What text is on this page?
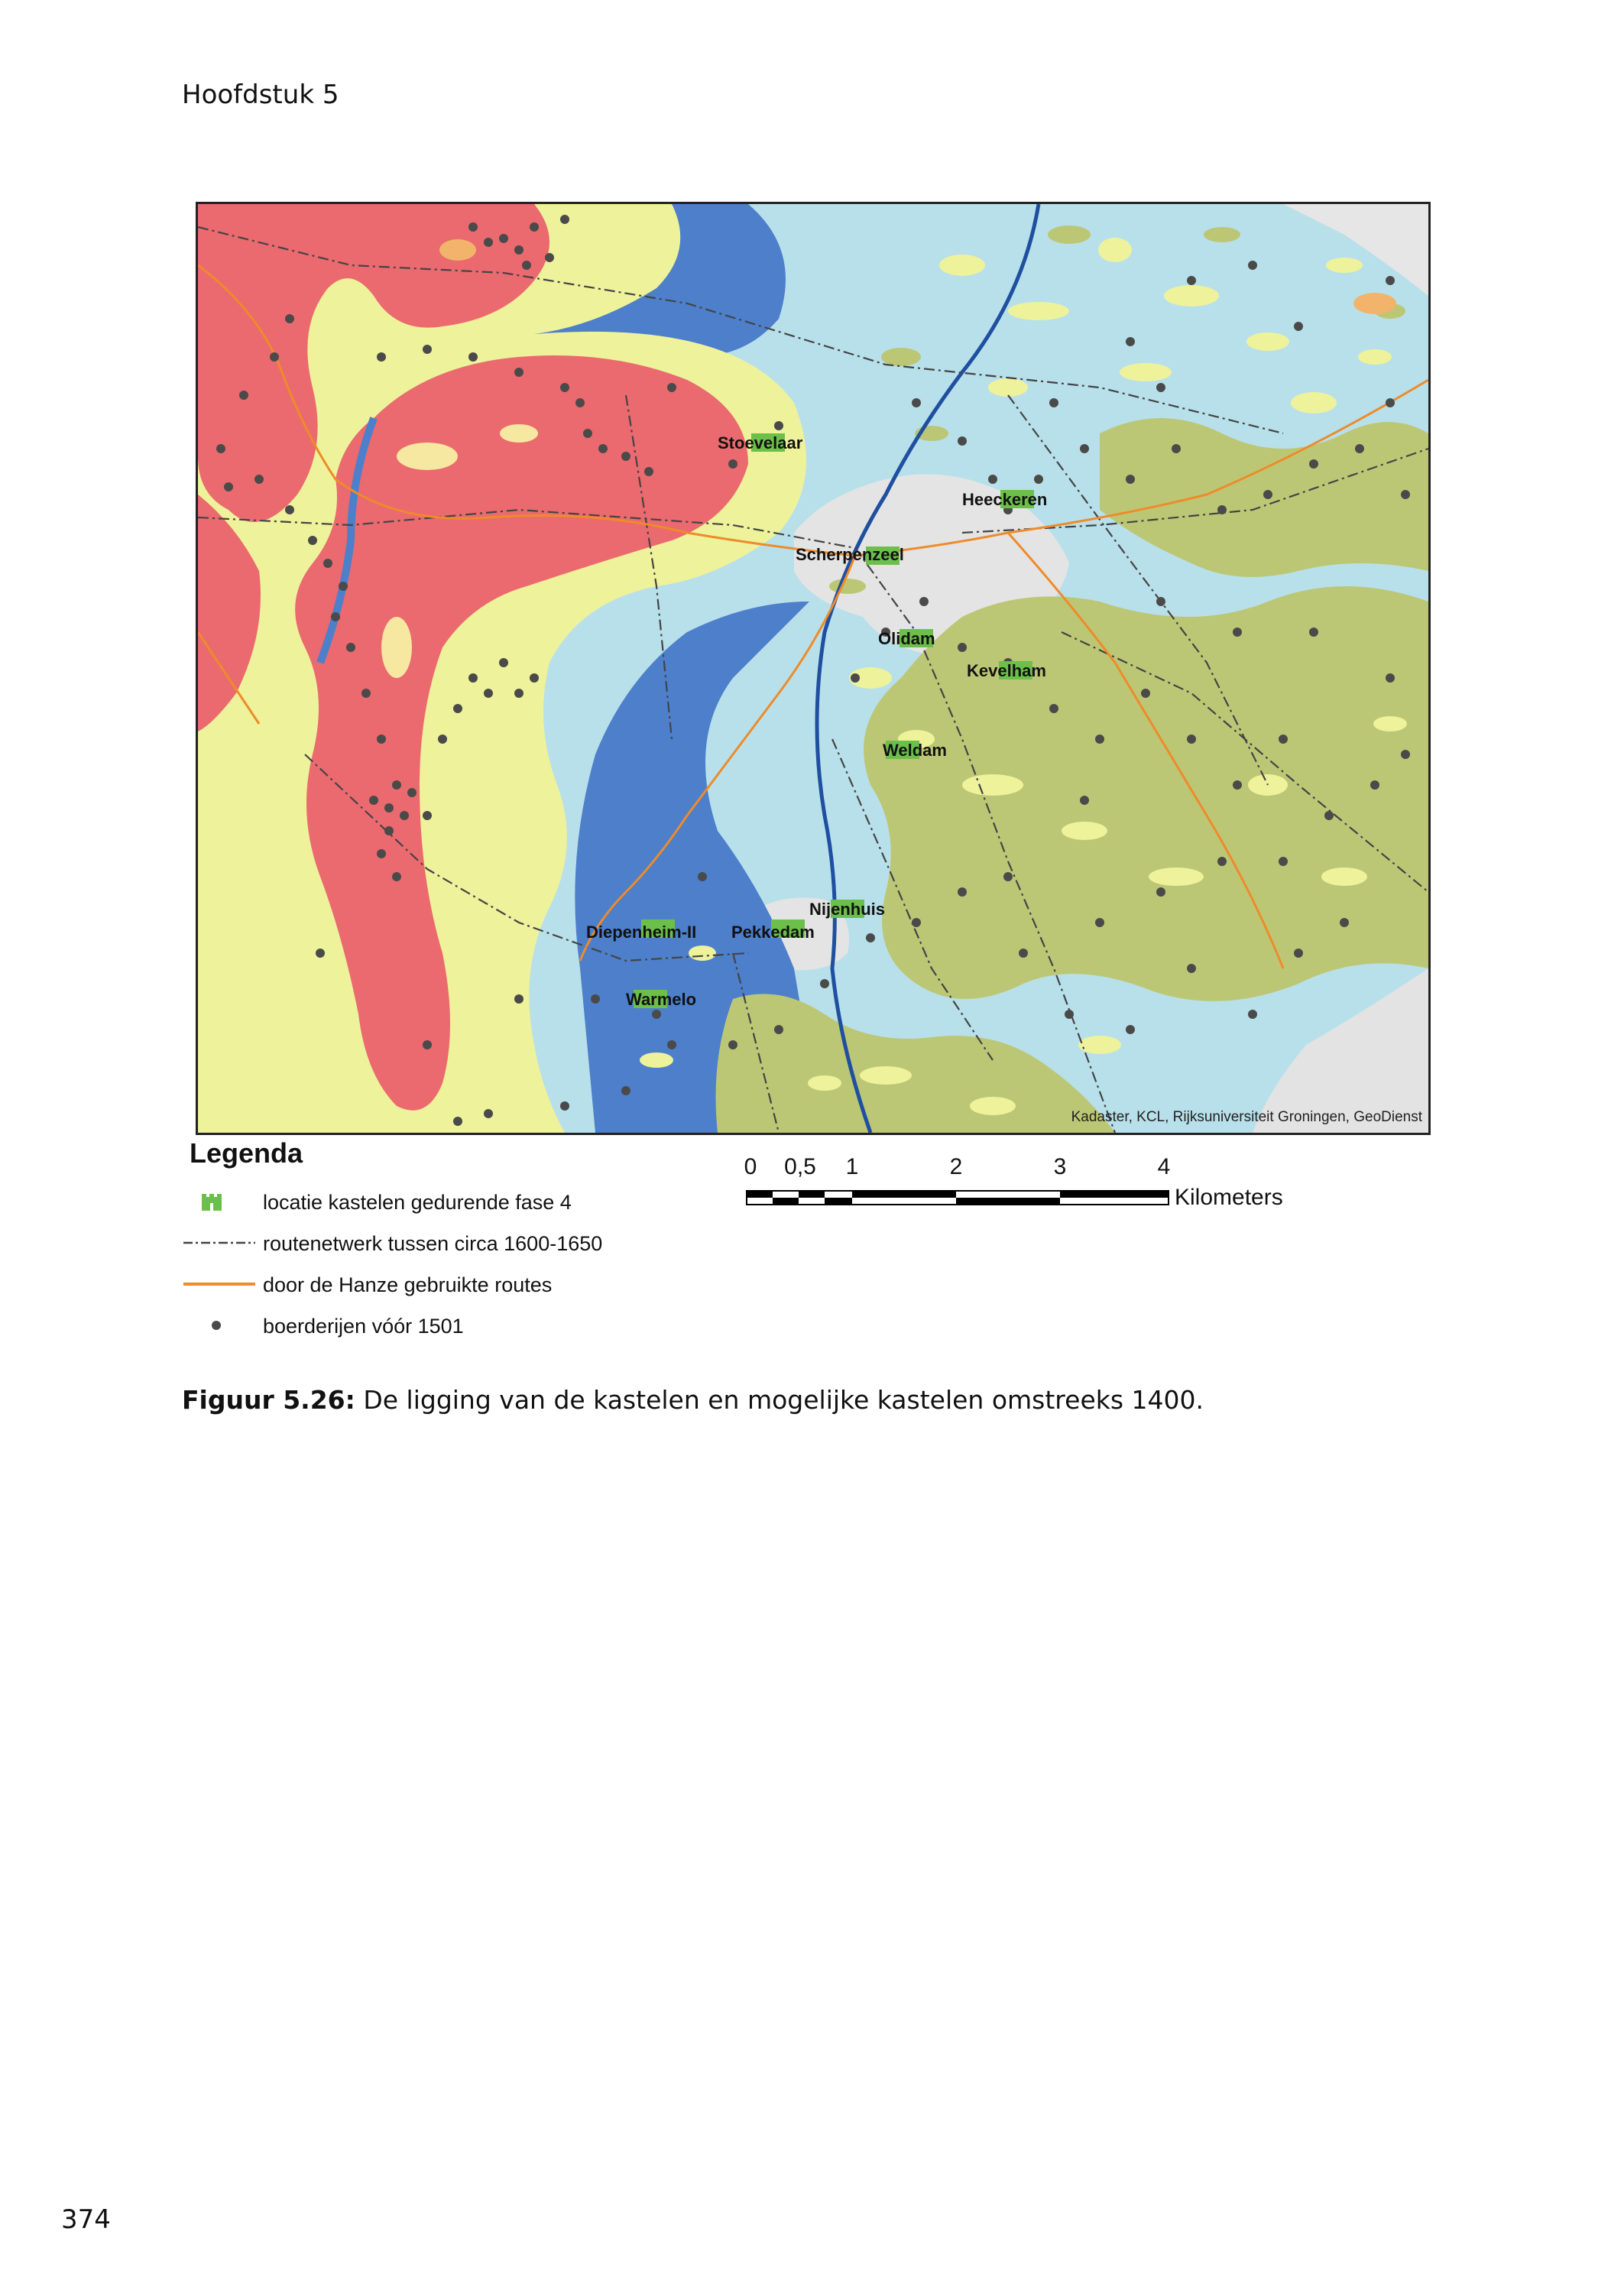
Hoofdstuk 5
Stoevelaar
Heeckeren
Scherpenzeel
Olidam
Kevelham
Weldam
Nijenhuis
Diepenheim-II Pekkedam
Warmelo
Kadaster, KCL, Rijksuniversiteit Groningen, GeoDienst
Legenda
locatie kastelen gedurende fase 4
routenetwerk tussen circa 1600-1650
door de Hanze gebruikte routes
boerderijen vóór 1501
0 0,5 1	2	3	4
Kilometers
Figuur 5.26: De ligging van de kastelen en mogelijke kastelen omstreeks 1400.
374
